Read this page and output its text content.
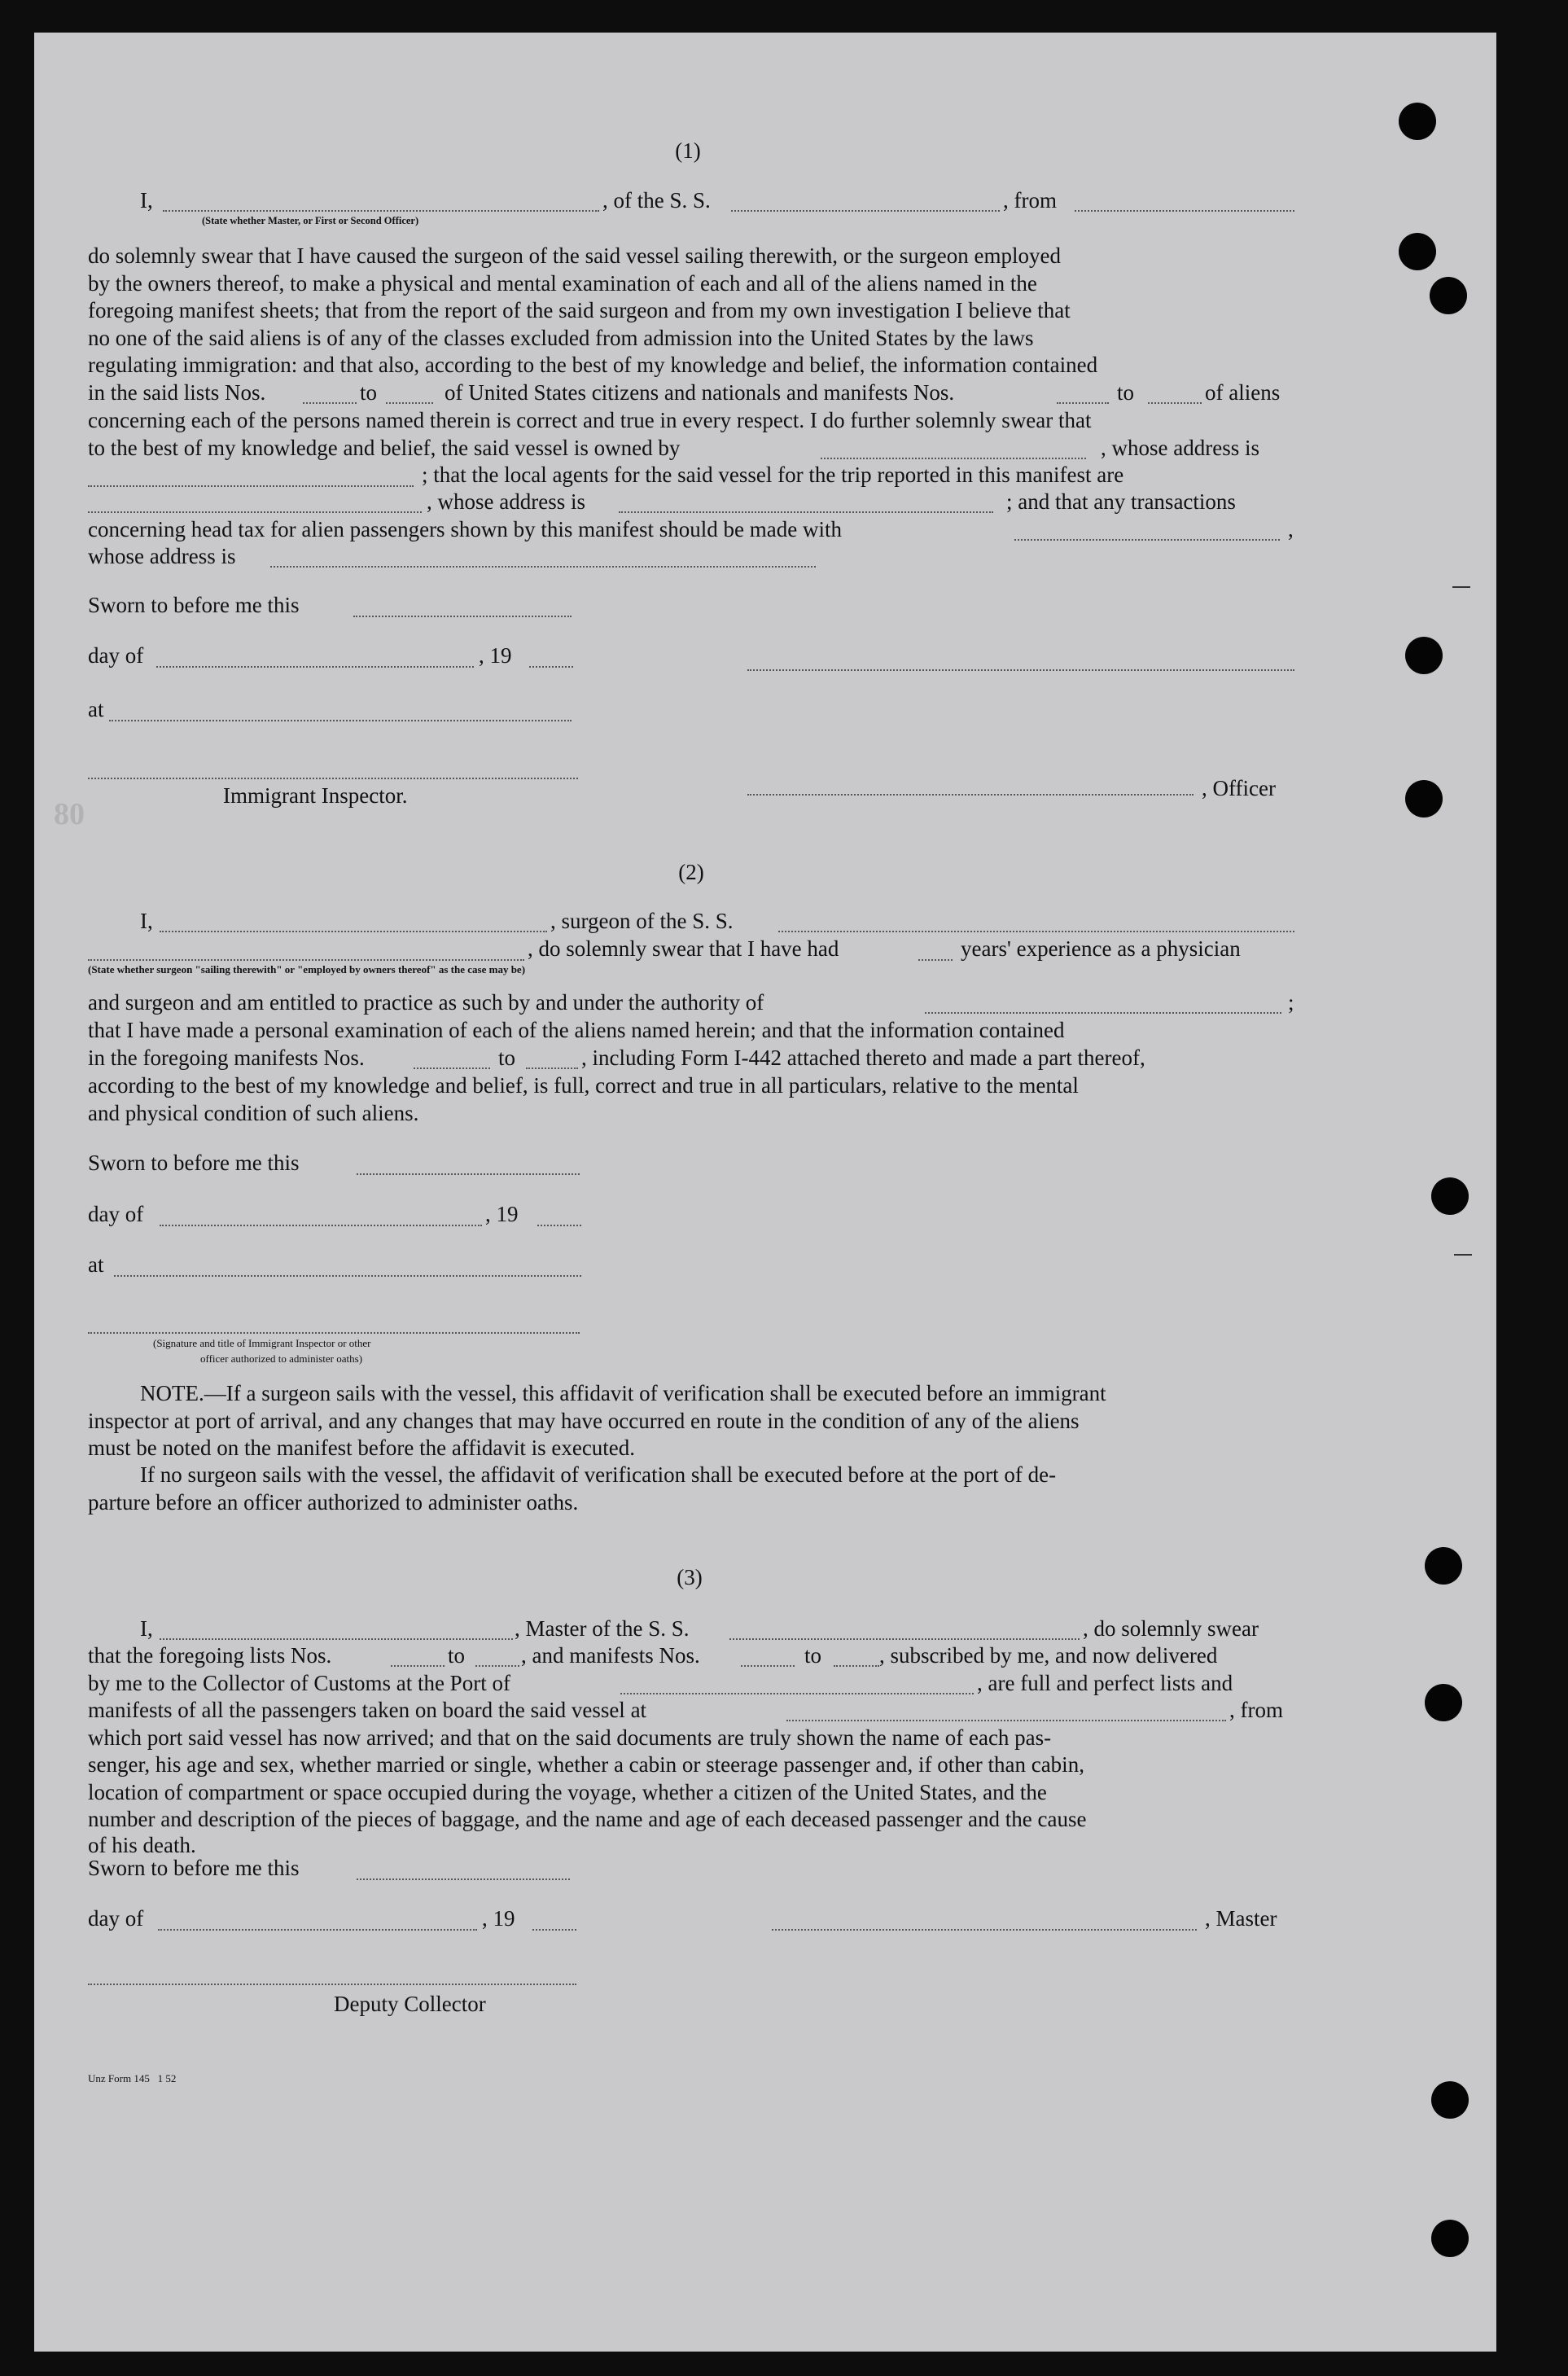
80
(1)
I,	, of the S. S.	, from
(State whether Master, or First or Second Officer)
do solemnly swear that I have caused the surgeon of the said vessel sailing therewith, or the surgeon employed
by the owners thereof, to make a physical and mental examination of each and all of the aliens named in the
foregoing manifest sheets; that from the report of the said surgeon and from my own investigation I believe that
no one of the said aliens is of any of the classes excluded from admission into the United States by the laws
regulating immigration: and that also, according to the best of my knowledge and belief, the information contained
in the said lists Nos.	to	of United States citizens and nationals and manifests Nos.	to	of aliens
concerning each of the persons named therein is correct and true in every respect. I do further solemnly swear that
to the best of my knowledge and belief, the said vessel is owned by	, whose address is
; that the local agents for the said vessel for the trip reported in this manifest are
, whose address is	; and that any transactions
concerning head tax for alien passengers shown by this manifest should be made with	,
whose address is
Sworn to before me this
day of	, 19
at
Immigrant Inspector.	, Officer
(2)
I,	, surgeon of the S. S.
, do solemnly swear that I have had	years' experience as a physician
(State whether surgeon "sailing therewith" or "employed by owners thereof" as the case may be)
and surgeon and am entitled to practice as such by and under the authority of	;
that I have made a personal examination of each of the aliens named herein; and that the information contained
in the foregoing manifests Nos.	to	, including Form I-442 attached thereto and made a part thereof,
according to the best of my knowledge and belief, is full, correct and true in all particulars, relative to the mental
and physical condition of such aliens.
Sworn to before me this
day of	, 19
at
(Signature and title of Immigrant Inspector or other
officer authorized to administer oaths)
NOTE.—If a surgeon sails with the vessel, this affidavit of verification shall be executed before an immigrant
inspector at port of arrival, and any changes that may have occurred en route in the condition of any of the aliens
must be noted on the manifest before the affidavit is executed.
If no surgeon sails with the vessel, the affidavit of verification shall be executed before at the port of de-
parture before an officer authorized to administer oaths.
(3)
I,	, Master of the S. S.	, do solemnly swear
that the foregoing lists Nos.	to	, and manifests Nos.	to	, subscribed by me, and now delivered
by me to the Collector of Customs at the Port of	, are full and perfect lists and
manifests of all the passengers taken on board the said vessel at	, from
which port said vessel has now arrived; and that on the said documents are truly shown the name of each pas-
senger, his age and sex, whether married or single, whether a cabin or steerage passenger and, if other than cabin,
location of compartment or space occupied during the voyage, whether a citizen of the United States, and the
number and description of the pieces of baggage, and the name and age of each deceased passenger and the cause
of his death.
Sworn to before me this
day of	, 19	, Master
Deputy Collector
Unz Form 145   1 52
